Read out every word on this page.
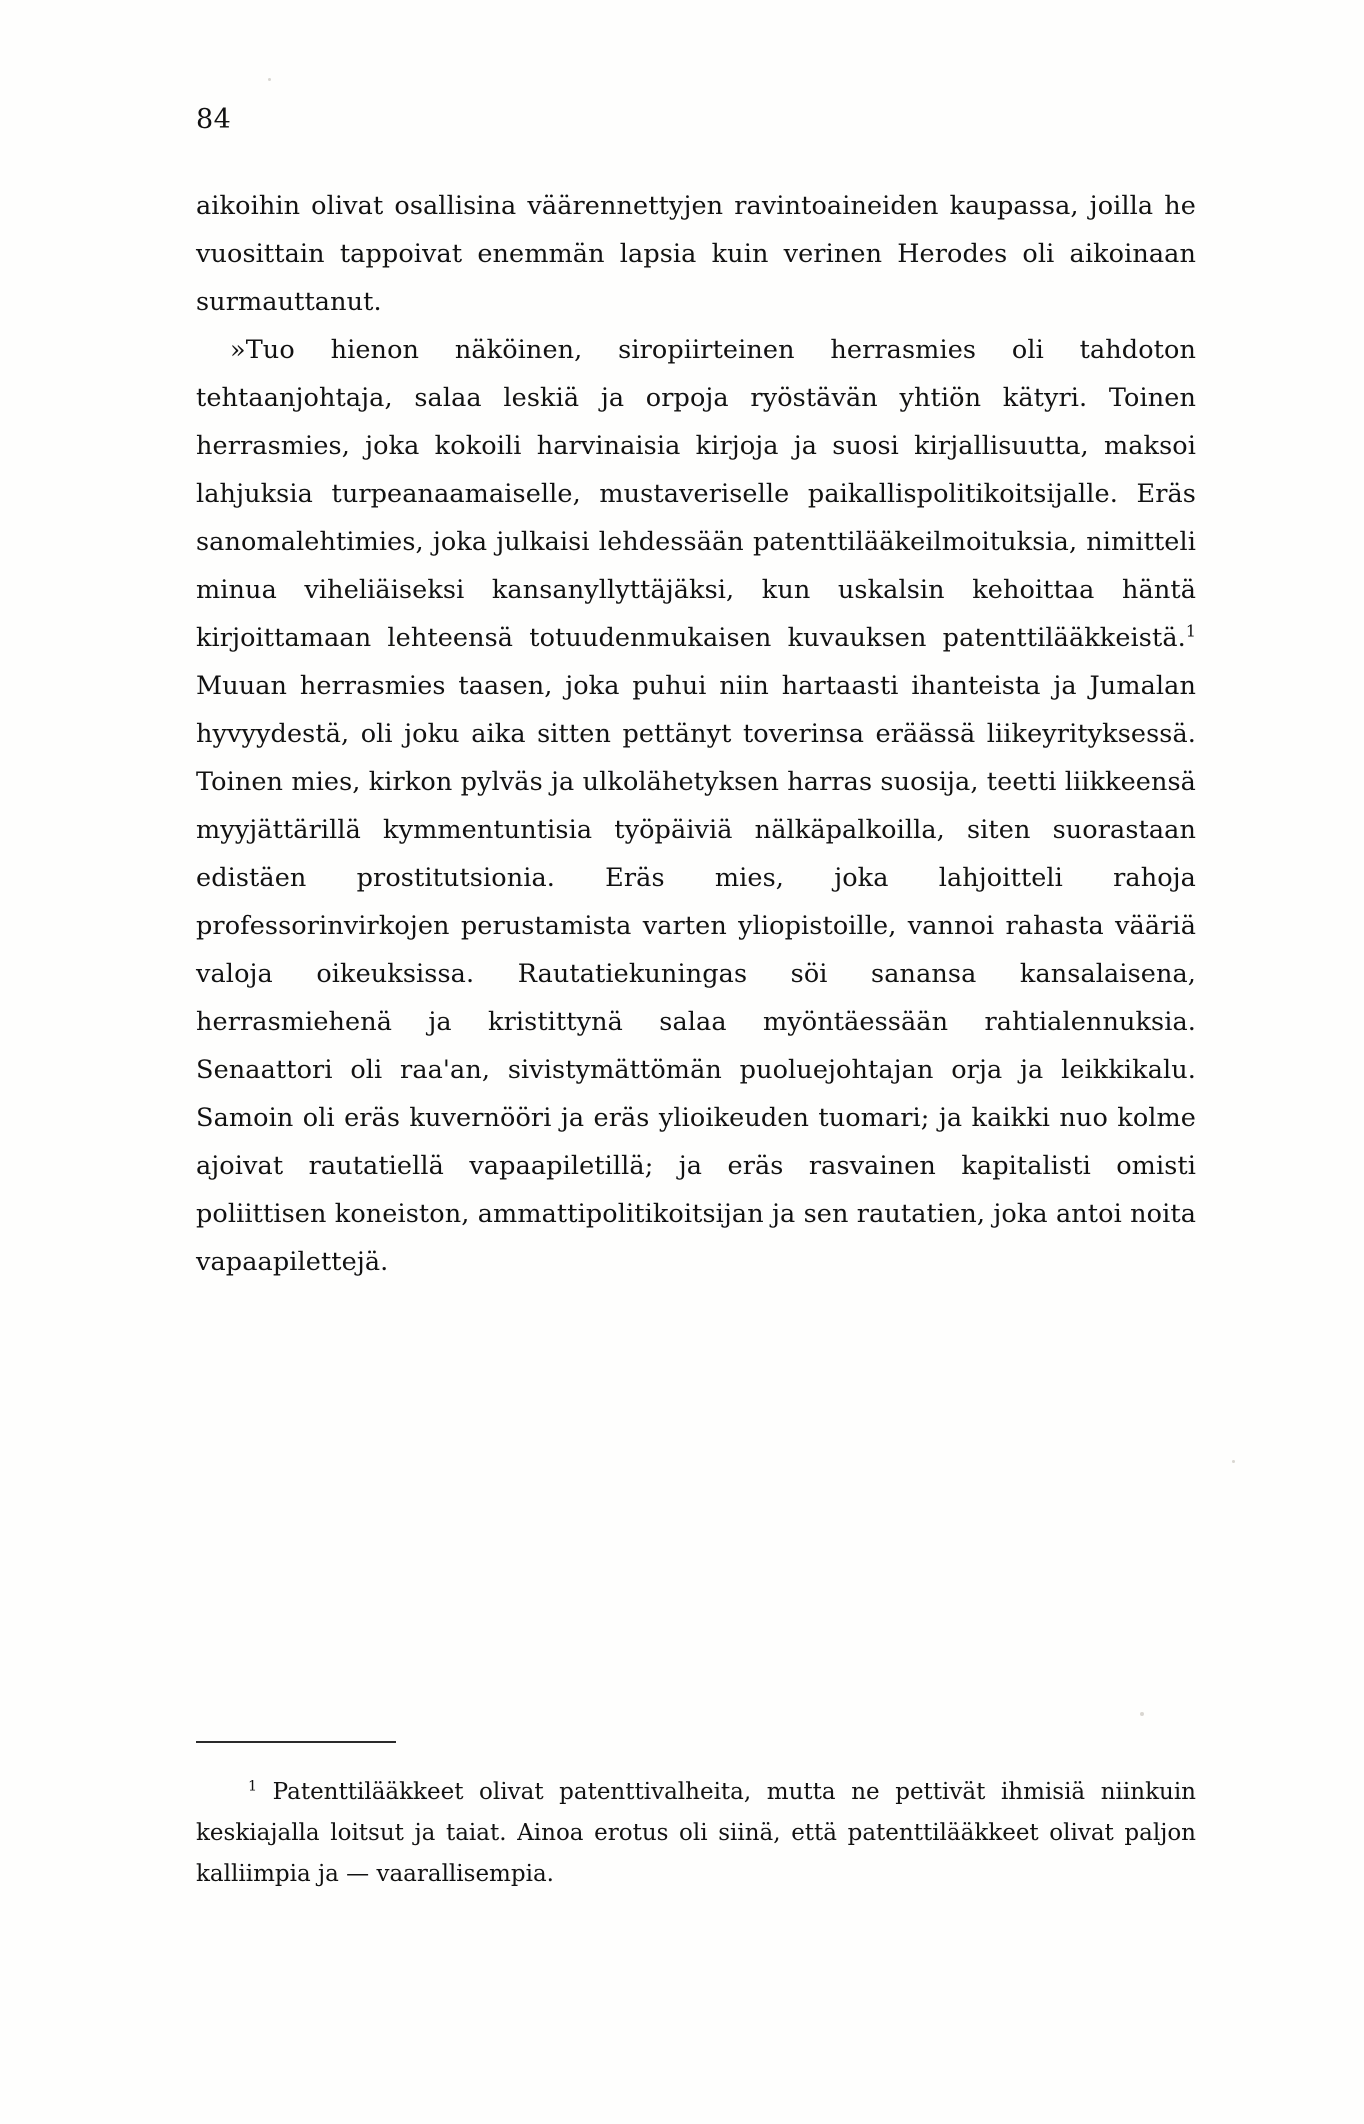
84

aikoihin olivat osallisina väärennettyjen ravintoaineiden kaupassa, joilla he vuosittain tappoivat enemmän lapsia kuin verinen Herodes oli aikoinaan surmauttanut.

»Tuo hienon näköinen, siropiirteinen herrasmies oli tahdoton tehtaanjohtaja, salaa leskiä ja orpoja ryöstävän yhtiön kätyri. Toinen herrasmies, joka kokoili harvinaisia kirjoja ja suosi kirjallisuutta, maksoi lahjuksia turpeanaamaiselle, mustaveriselle paikallispolitikoitsijalle. Eräs sanomalehtimies, joka julkaisi lehdessään patenttilääkeilmoituksia, nimitteli minua viheliäiseksi kansanyllyttäjäksi, kun uskalsin kehoittaa häntä kirjoittamaan lehteensä totuudenmukaisen kuvauksen patenttilääkkeistä.$^1$ Muuan herrasmies taasen, joka puhui niin hartaasti ihanteista ja Jumalan hyvyydestä, oli joku aika sitten pettänyt toverinsa eräässä liikeyrityksessä. Toinen mies, kirkon pylväs ja ulkolähetyksen harras suosija, teetti liikkeensä myyjättärillä kymmentuntisia työpäiviä nälkäpalkoilla, siten suorastaan edistäen prostitutsionia. Eräs mies, joka lahjoitteli rahoja professorinvirkojen perustamista varten yliopistoille, vannoi rahasta vääriä valoja oikeuksissa. Rautatiekuningas söi sanansa kansalaisena, herrasmiehenä ja kristittynä salaa myöntäessään rahtialennuksia. Senaattori oli raa'an, sivistymättömän puoluejohtajan orja ja leikkikalu. Samoin oli eräs kuvernööri ja eräs ylioikeuden tuomari; ja kaikki nuo kolme ajoivat rautatiellä vapaapiletillä; ja eräs rasvainen kapitalisti omisti poliittisen koneiston, ammattipolitikoitsijan ja sen rautatien, joka antoi noita vapaapilettejä.

$^1$ Patenttilääkkeet olivat patenttivalheita, mutta ne pettivät ihmisiä niinkuin keskiajalla loitsut ja taiat. Ainoa erotus oli siinä, että patenttilääkkeet olivat paljon kalliimpia ja — vaarallisempia.
